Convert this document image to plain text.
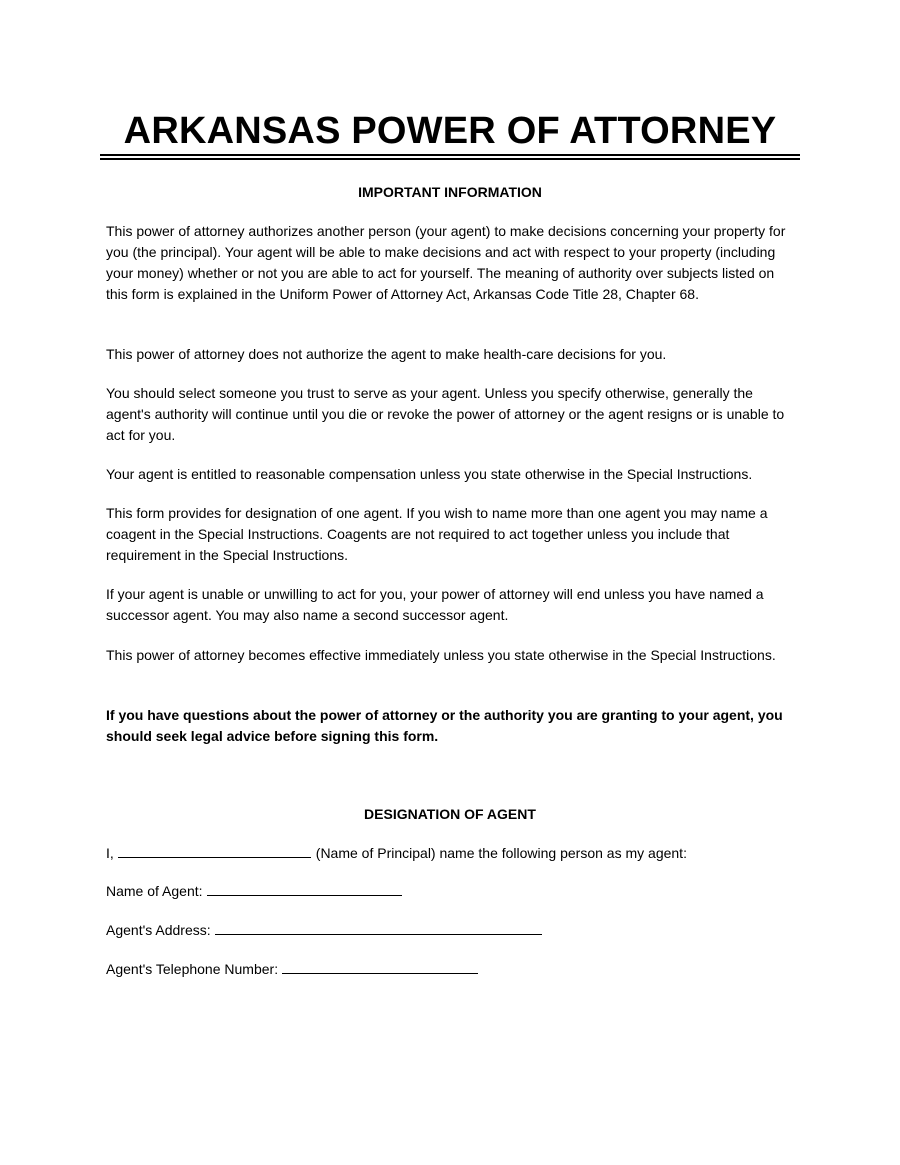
ARKANSAS POWER OF ATTORNEY
IMPORTANT INFORMATION

This power of attorney authorizes another person (your agent) to make decisions concerning your property for you (the principal). Your agent will be able to make decisions and act with respect to your property (including your money) whether or not you are able to act for yourself. The meaning of authority over subjects listed on this form is explained in the Uniform Power of Attorney Act, Arkansas Code Title 28, Chapter 68.

This power of attorney does not authorize the agent to make health-care decisions for you.

You should select someone you trust to serve as your agent. Unless you specify otherwise, generally the agent's authority will continue until you die or revoke the power of attorney or the agent resigns or is unable to act for you.

Your agent is entitled to reasonable compensation unless you state otherwise in the Special Instructions.

This form provides for designation of one agent. If you wish to name more than one agent you may name a coagent in the Special Instructions. Coagents are not required to act together unless you include that requirement in the Special Instructions.

If your agent is unable or unwilling to act for you, your power of attorney will end unless you have named a successor agent. You may also name a second successor agent.

This power of attorney becomes effective immediately unless you state otherwise in the Special Instructions.

If you have questions about the power of attorney or the authority you are granting to your agent, you should seek legal advice before signing this form.

DESIGNATION OF AGENT
I,	(Name of Principal) name the following person as my agent:
Name of Agent:
Agent's Address:
Agent's Telephone Number:
